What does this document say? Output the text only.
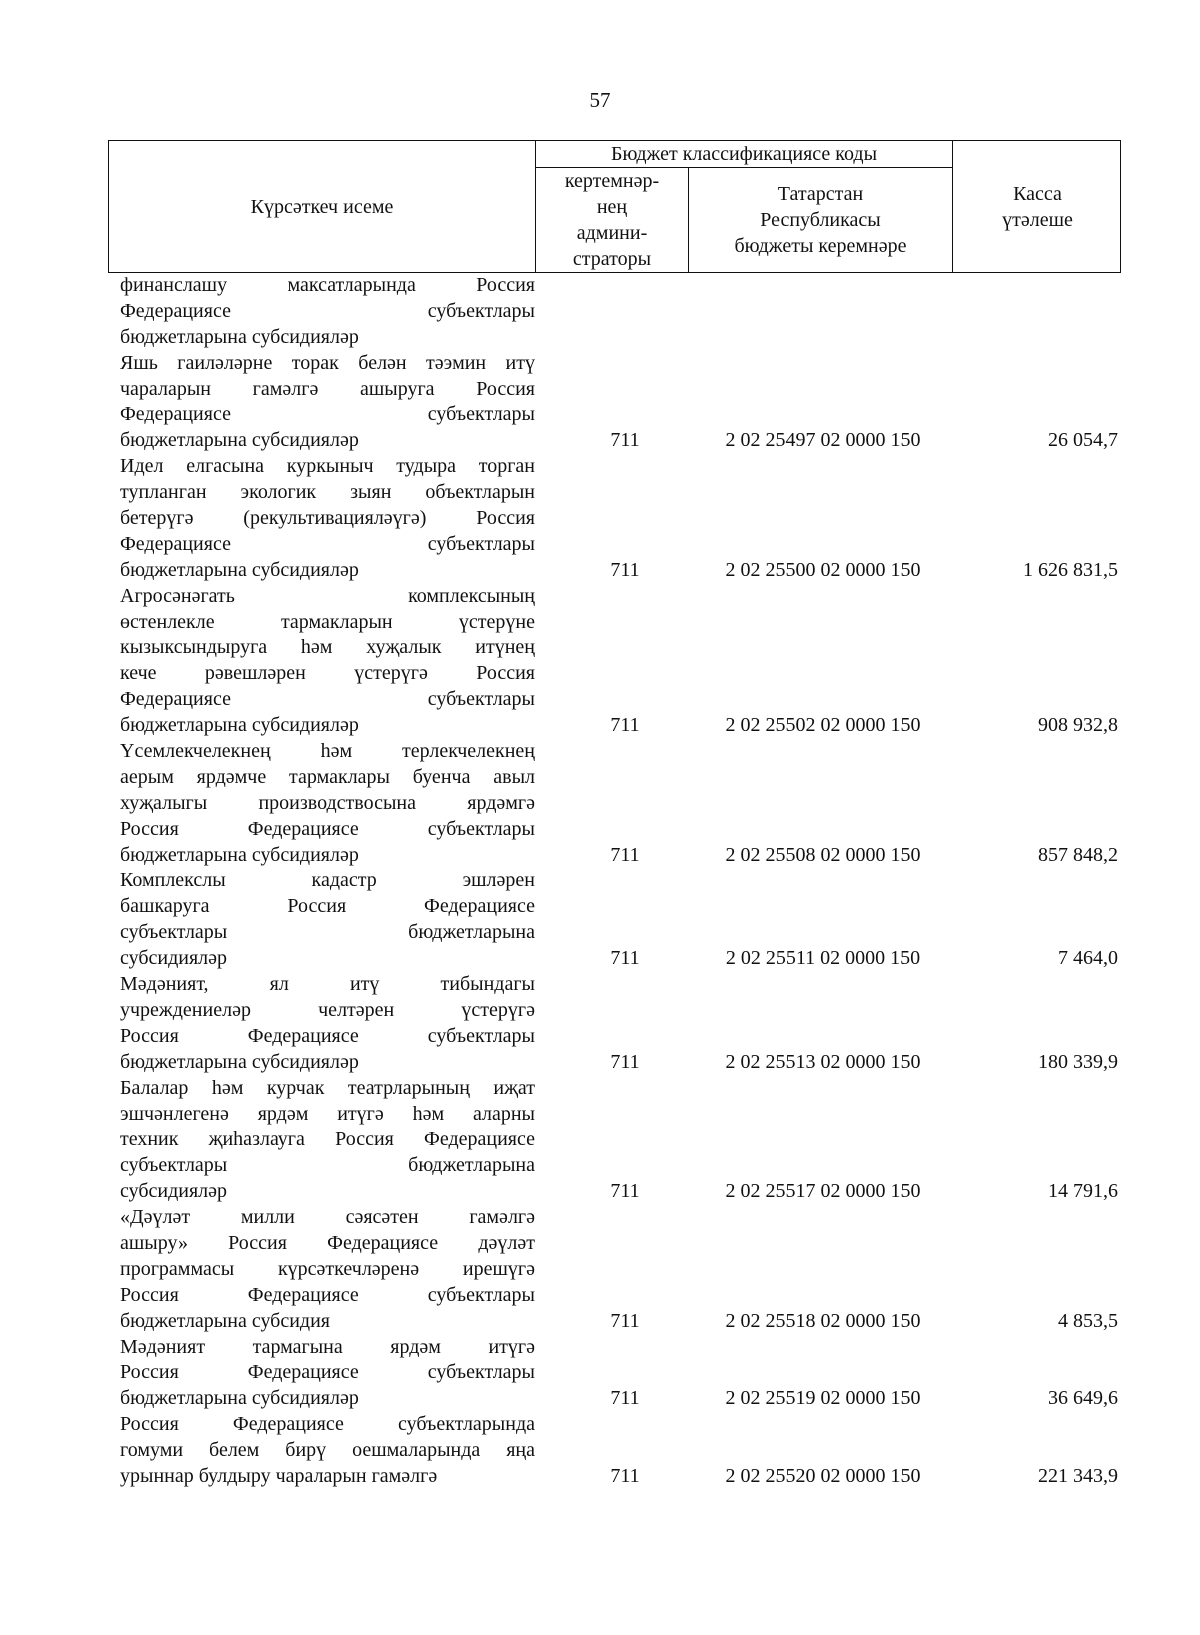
57
Күрсәткеч исеме
Бюджет классификациясе коды
кертемнәр-
нең
админи-
страторы
Татарстан
Республикасы
бюджеты керемнәре
Касса
үтәлеше
финанслашу максатларында Россия
Федерациясе субъектлары
бюджетларына субсидияләр
Яшь гаиләләрне торак белән тәэмин итү
чараларын гамәлгә ашыруга Россия
Федерациясе субъектлары
бюджетларына субсидияләр	711	2 02 25497 02 0000 150	26 054,7
Идел елгасына куркыныч тудыра торган
тупланган экологик зыян объектларын
бетерүгә (рекультивацияләүгә) Россия
Федерациясе субъектлары
бюджетларына субсидияләр	711	2 02 25500 02 0000 150	1 626 831,5
Агросәнәгать комплексының
өстенлекле тармакларын үстерүне
кызыксындыруга һәм хуҗалык итүнең
кече рәвешләрен үстерүгә Россия
Федерациясе субъектлары
бюджетларына субсидияләр	711	2 02 25502 02 0000 150	908 932,8
Үсемлекчелекнең һәм терлекчелекнең
аерым ярдәмче тармаклары буенча авыл
хуҗалыгы производствосына ярдәмгә
Россия Федерациясе субъектлары
бюджетларына субсидияләр	711	2 02 25508 02 0000 150	857 848,2
Комплекслы кадастр эшләрен
башкаруга Россия Федерациясе
субъектлары бюджетларына
субсидияләр	711	2 02 25511 02 0000 150	7 464,0
Мәдәният, ял итү тибындагы
учреждениеләр челтәрен үстерүгә
Россия Федерациясе субъектлары
бюджетларына субсидияләр	711	2 02 25513 02 0000 150	180 339,9
Балалар һәм курчак театрларының иҗат
эшчәнлегенә ярдәм итүгә һәм аларны
техник җиһазлауга Россия Федерациясе
субъектлары бюджетларына
субсидияләр	711	2 02 25517 02 0000 150	14 791,6
«Дәүләт милли сәясәтен гамәлгә
ашыру» Россия Федерациясе дәүләт
программасы күрсәткечләренә ирешүгә
Россия Федерациясе субъектлары
бюджетларына субсидия	711	2 02 25518 02 0000 150	4 853,5
Мәдәният тармагына ярдәм итүгә
Россия Федерациясе субъектлары
бюджетларына субсидияләр	711	2 02 25519 02 0000 150	36 649,6
Россия Федерациясе субъектларында
гомуми белем бирү оешмаларында яңа
урыннар булдыру чараларын гамәлгә	711	2 02 25520 02 0000 150	221 343,9
